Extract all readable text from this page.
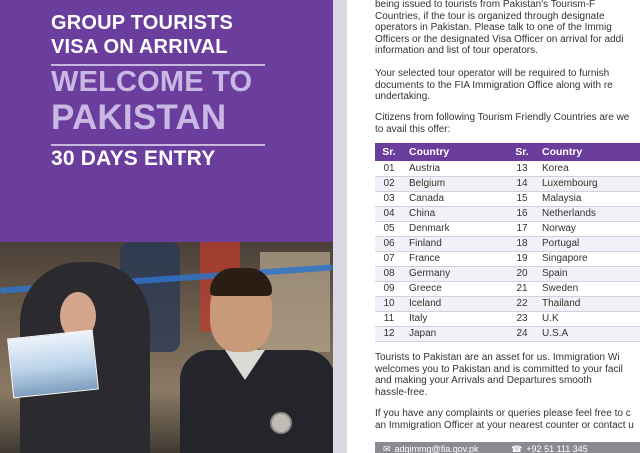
GROUP TOURISTS
VISA ON ARRIVAL
WELCOME TO
PAKISTAN
30 DAYS ENTRY
being issued to tourists from Pakistan's Tourism-F
Countries, if the tour is organized through designate
operators in Pakistan. Please talk to one of the Immig
Officers or the designated Visa Officer on arrival for addi
information and list of tour operators.
Your selected tour operator will be required to furnish
documents to the FIA Immigration Office along with re
undertaking.
Citizens from following Tourism Friendly Countries are we
to avail this offer:
Sr.	Country	Sr.	Country
01	Austria	13	Korea
02	Belgium	14	Luxembourg
03	Canada	15	Malaysia
04	China	16	Netherlands
05	Denmark	17	Norway
06	Finland	18	Portugal
07	France	19	Singapore
08	Germany	20	Spain
09	Greece	21	Sweden
10	Iceland	22	Thailand
11	Italy	23	U.K
12	Japan	24	U.S.A
Tourists to Pakistan are an asset for us. Immigration Wi
welcomes you to Pakistan and is committed to your facil
and making your Arrivals and Departures smooth
hassle-free.
If you have any complaints or queries please feel free to c
an Immigration Officer at your nearest counter or contact u
✉ adgimmg@fia.gov.pk	☎ +92 51 111 345
